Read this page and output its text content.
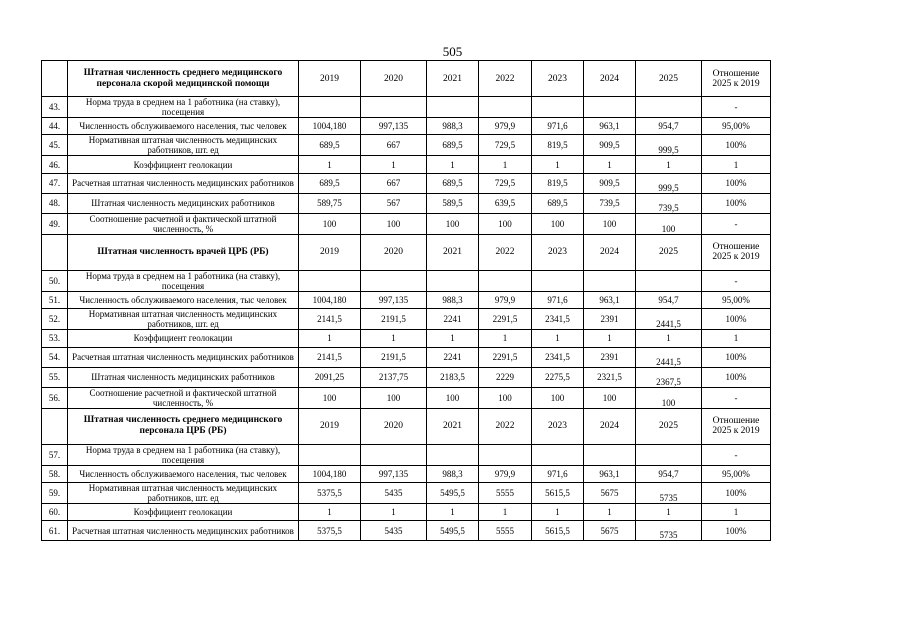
505
	Штатная численность среднего медицинского персонала скорой медицинской помощи	2019	2020	2021	2022	2023	2024	2025	Отношение 2025 к 2019
43.	Норма труда в среднем на 1 работника (на ставку), посещения								-
44.	Численность обслуживаемого населения, тыс человек	1004,180	997,135	988,3	979,9	971,6	963,1	954,7	95,00%
45.	Нормативная штатная численность медицинских работников, шт. ед	689,5	667	689,5	729,5	819,5	909,5	999,5	100%
46.	Коэффициент геолокации	1	1	1	1	1	1	1	1
47.	Расчетная штатная численность медицинских работников	689,5	667	689,5	729,5	819,5	909,5	999,5	100%
48.	Штатная численность медицинских работников	589,75	567	589,5	639,5	689,5	739,5	739,5	100%
49.	Соотношение расчетной и фактической штатной численность, %	100	100	100	100	100	100	100	-
	Штатная численность врачей ЦРБ (РБ)	2019	2020	2021	2022	2023	2024	2025	Отношение 2025 к 2019
50.	Норма труда в среднем на 1 работника (на ставку), посещения								-
51.	Численность обслуживаемого населения, тыс человек	1004,180	997,135	988,3	979,9	971,6	963,1	954,7	95,00%
52.	Нормативная штатная численность медицинских работников, шт. ед	2141,5	2191,5	2241	2291,5	2341,5	2391	2441,5	100%
53.	Коэффициент геолокации	1	1	1	1	1	1	1	1
54.	Расчетная штатная численность медицинских работников	2141,5	2191,5	2241	2291,5	2341,5	2391	2441,5	100%
55.	Штатная численность медицинских работников	2091,25	2137,75	2183,5	2229	2275,5	2321,5	2367,5	100%
56.	Соотношение расчетной и фактической штатной численность, %	100	100	100	100	100	100	100	-
	Штатная численность среднего медицинского персонала ЦРБ (РБ)	2019	2020	2021	2022	2023	2024	2025	Отношение 2025 к 2019
57.	Норма труда в среднем на 1 работника (на ставку), посещения								-
58.	Численность обслуживаемого населения, тыс человек	1004,180	997,135	988,3	979,9	971,6	963,1	954,7	95,00%
59.	Нормативная штатная численность медицинских работников, шт. ед	5375,5	5435	5495,5	5555	5615,5	5675	5735	100%
60.	Коэффициент геолокации	1	1	1	1	1	1	1	1
61.	Расчетная штатная численность медицинских работников	5375,5	5435	5495,5	5555	5615,5	5675	5735	100%
